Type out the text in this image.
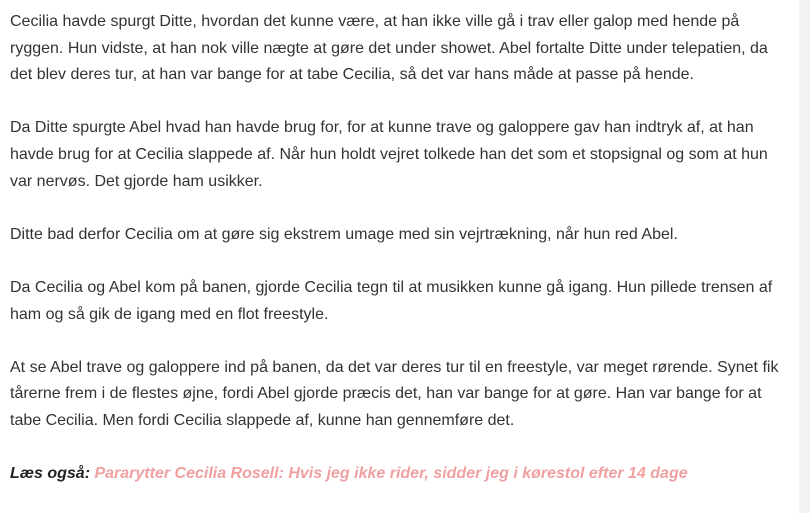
Cecilia havde spurgt Ditte, hvordan det kunne være, at han ikke ville gå i trav eller galop med hende på ryggen. Hun vidste, at han nok ville nægte at gøre det under showet. Abel fortalte Ditte under telepatien, da det blev deres tur, at han var bange for at tabe Cecilia, så det var hans måde at passe på hende.

Da Ditte spurgte Abel hvad han havde brug for, for at kunne trave og galoppere gav han indtryk af, at han havde brug for at Cecilia slappede af. Når hun holdt vejret tolkede han det som et stopsignal og som at hun var nervøs. Det gjorde ham usikker.

Ditte bad derfor Cecilia om at gøre sig ekstrem umage med sin vejrtrækning, når hun red Abel.

Da Cecilia og Abel kom på banen, gjorde Cecilia tegn til at musikken kunne gå igang. Hun pillede trensen af ham og så gik de igang med en flot freestyle.

At se Abel trave og galoppere ind på banen, da det var deres tur til en freestyle, var meget rørende. Synet fik tårerne frem i de flestes øjne, fordi Abel gjorde præcis det, han var bange for at gøre. Han var bange for at tabe Cecilia. Men fordi Cecilia slappede af, kunne han gennemføre det.

Læs også: Pararytter Cecilia Rosell: Hvis jeg ikke rider, sidder jeg i kørestol efter 14 dage
